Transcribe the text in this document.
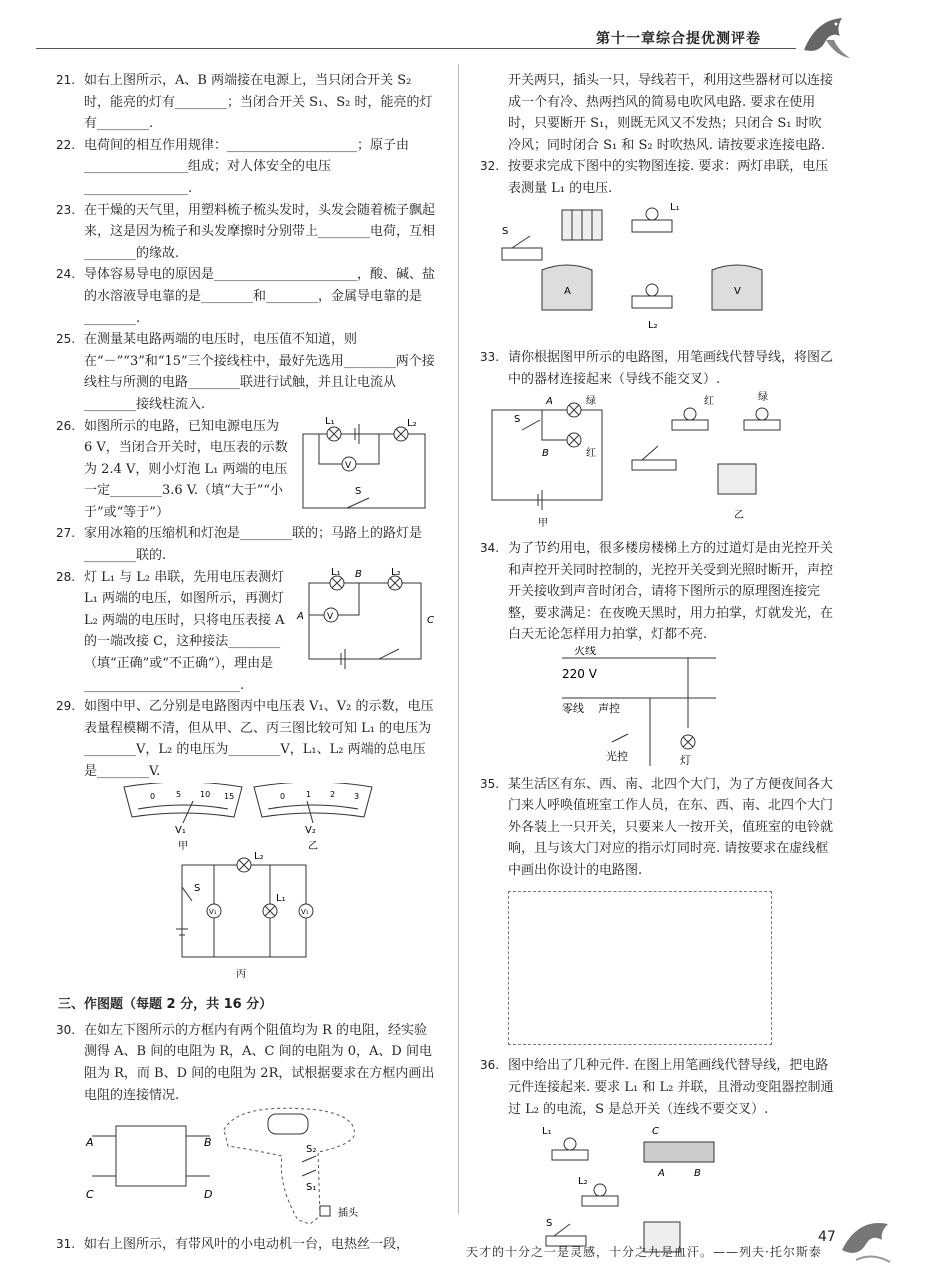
第十一章综合提优测评卷

21. 如右上图所示，A、B 两端接在电源上，当只闭合开关 S₂ 时，能亮的灯有________；当闭合开关 S₁、S₂ 时，能亮的灯有________.

22. 电荷间的相互作用规律：____________________；原子由________________组成；对人体安全的电压________________.

23. 在干燥的天气里，用塑料梳子梳头发时，头发会随着梳子飘起来，这是因为梳子和头发摩擦时分别带上________电荷，互相________的缘故.

24. 导体容易导电的原因是______________________，酸、碱、盐的水溶液导电靠的是________和________，金属导电靠的是________.

25. 在测量某电路两端的电压时，电压值不知道，则在“－”“3”和“15”三个接线柱中，最好先选用________两个接线柱与所测的电路________联进行试触，并且让电流从________接线柱流入.

26. 如图所示的电路，已知电源电压为 6 V，当闭合开关时，电压表的示数为 2.4 V，则小灯泡 L₁ 两端的电压一定________3.6 V.（填“大于”“小于”或“等于”）

V
L₁	L₂
S

27. 家用冰箱的压缩机和灯泡是________联的；马路上的路灯是________联的.

28. 灯 L₁ 与 L₂ 串联，先用电压表测灯 L₁ 两端的电压，如图所示，再测灯 L₂ 两端的电压时，只将电压表接 A 的一端改接 C，这种接法________（填“正确”或“不正确”），理由是________________________.

V
L₁	L₂
A
B
C

29. 如图中甲、乙分别是电路图丙中电压表 V₁、V₂ 的示数，电压表量程模糊不清，但从甲、乙、丙三图比较可知 L₁ 的电压为________V，L₂ 的电压为________V，L₁、L₂ 两端的总电压是________V.

0	5 10 15
V₁
甲
0	1 2 3
V₂
乙
L₂
V₁
L₁
V₁
S
丙
三、作图题（每题 2 分，共 16 分）

30. 在如左下图所示的方框内有两个阻值均为 R 的电阻，经实验测得 A、B 间的电阻为 R，A、C 间的电阻为 0，A、D 间电阻为 R，而 B、D 间的电阻为 2R，试根据要求在方框内画出电阻的连接情况.

A	B
C	D
S₂
S₁
插头

31. 如右上图所示，有带风叶的小电动机一台，电热丝一段，

开关两只，插头一只，导线若干，利用这些器材可以连接成一个有冷、热两挡风的简易电吹风电路. 要求在使用时，只要断开 S₁，则既无风又不发热；只闭合 S₁ 时吹冷风；同时闭合 S₁ 和 S₂ 时吹热风. 请按要求连接电路.

32. 按要求完成下图中的实物图连接. 要求：两灯串联，电压表测量 L₁ 的电压.

L₁
S
A
L₂
V

33. 请你根据图甲所示的电路图，用笔画线代替导线，将图乙中的器材连接起来（导线不能交叉）.

A
B
S
绿
红
甲
红	绿
乙

34. 为了节约用电，很多楼房楼梯上方的过道灯是由光控开关和声控开关同时控制的，光控开关受到光照时断开，声控开关接收到声音时闭合，请将下图所示的原理图连接完整，要求满足：在夜晚天黑时，用力拍掌，灯就发光，在白天无论怎样用力拍掌，灯都不亮.

火线
220 V
零线 声控
光控	灯

35. 某生活区有东、西、南、北四个大门，为了方便夜间各大门来人呼唤值班室工作人员，在东、西、南、北四个大门外各装上一只开关，只要来人一按开关，值班室的电铃就响，且与该大门对应的指示灯同时亮. 请按要求在虚线框中画出你设计的电路图.

36. 图中给出了几种元件. 在图上用笔画线代替导线，把电路元件连接起来. 要求 L₁ 和 L₂ 并联，且滑动变阻器控制通过 L₂ 的电流，S 是总开关（连线不要交叉）.

L₁	C
A	B
L₂
S
天才的十分之一是灵感，十分之九是血汗。——列夫·托尔斯泰
47
